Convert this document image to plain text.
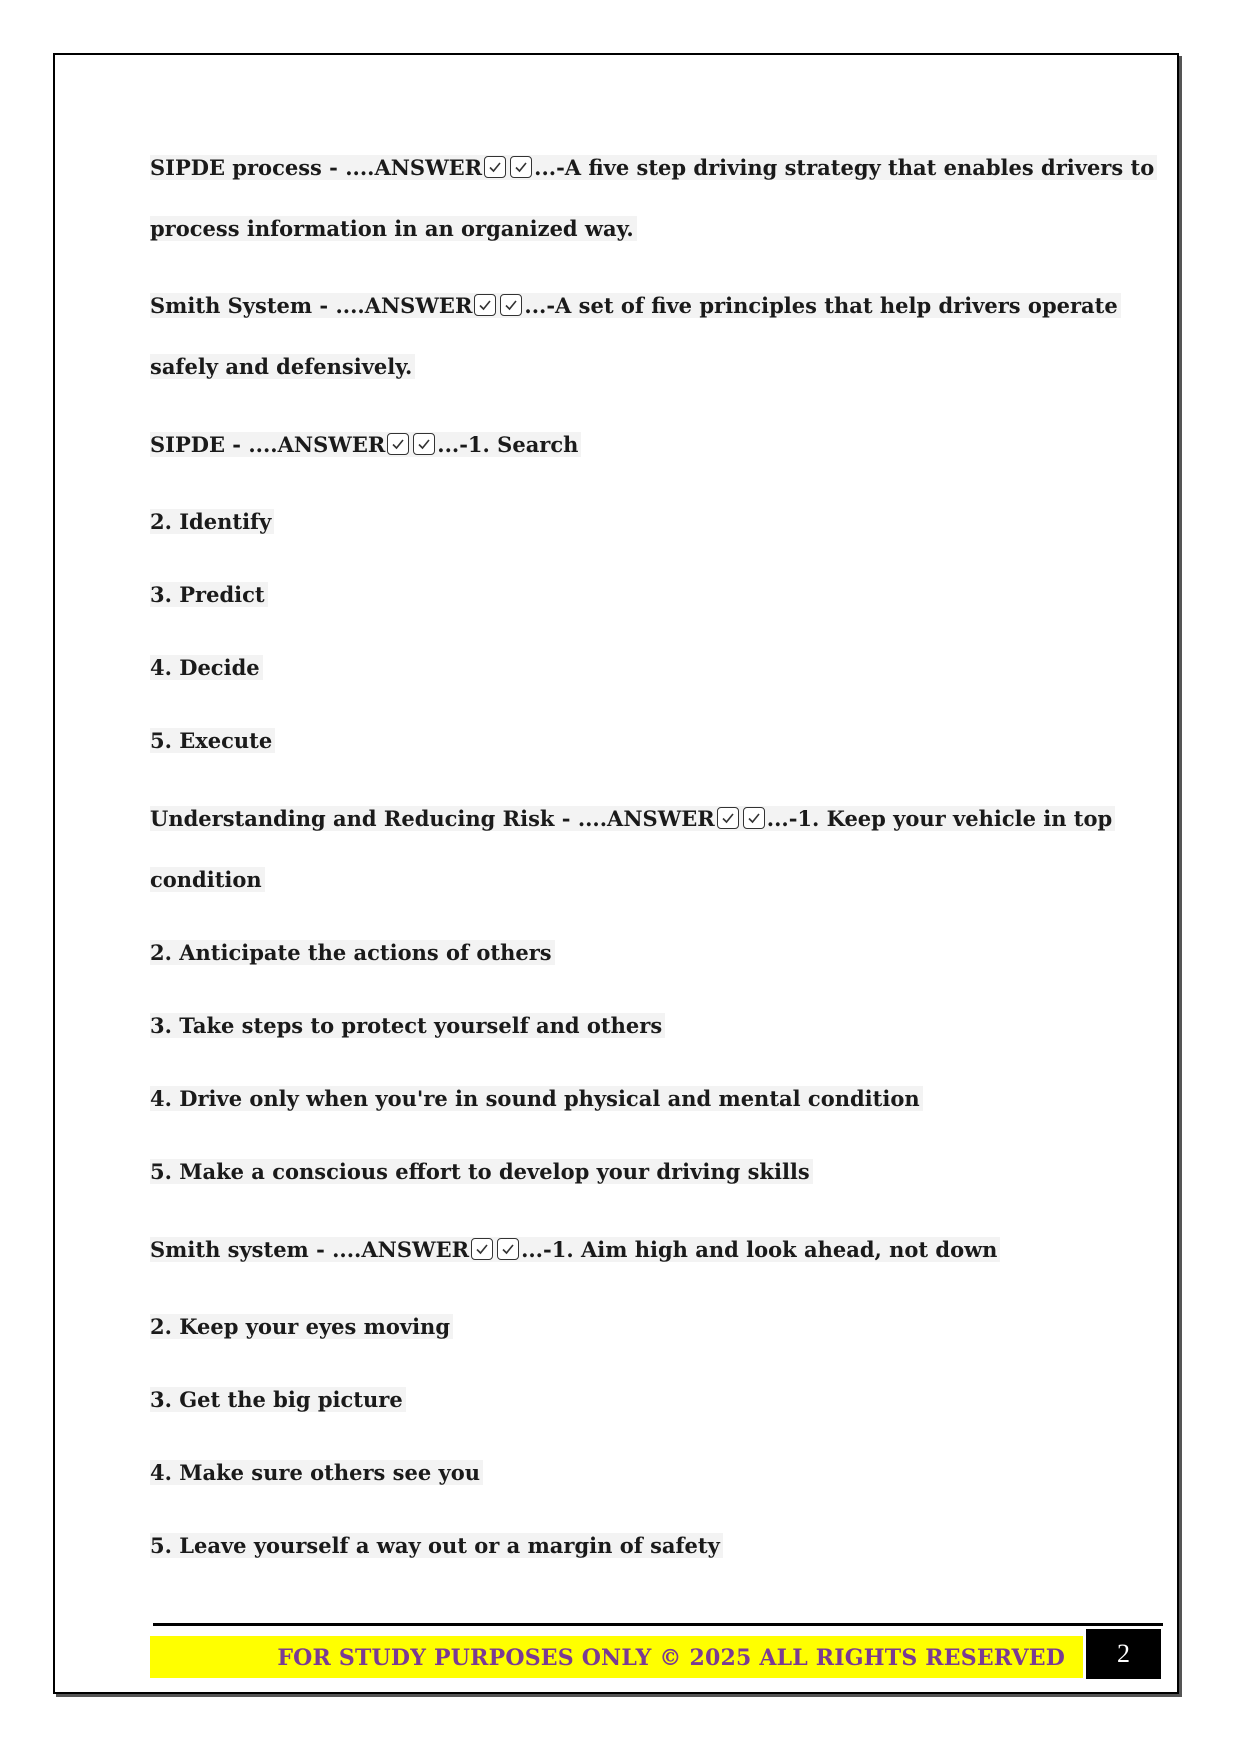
SIPDE process - ....ANSWER ...-A five step driving strategy that enables drivers to
process information in an organized way.
Smith System - ....ANSWER ...-A set of five principles that help drivers operate
safely and defensively.
SIPDE - ....ANSWER ...-1. Search
2. Identify
3. Predict
4. Decide
5. Execute
Understanding and Reducing Risk - ....ANSWER ...-1. Keep your vehicle in top
condition
2. Anticipate the actions of others
3. Take steps to protect yourself and others
4. Drive only when you're in sound physical and mental condition
5. Make a conscious effort to develop your driving skills
Smith system - ....ANSWER ...-1. Aim high and look ahead, not down
2. Keep your eyes moving
3. Get the big picture
4. Make sure others see you
5. Leave yourself a way out or a margin of safety
FOR STUDY PURPOSES ONLY © 2025 ALL RIGHTS RESERVED	2
